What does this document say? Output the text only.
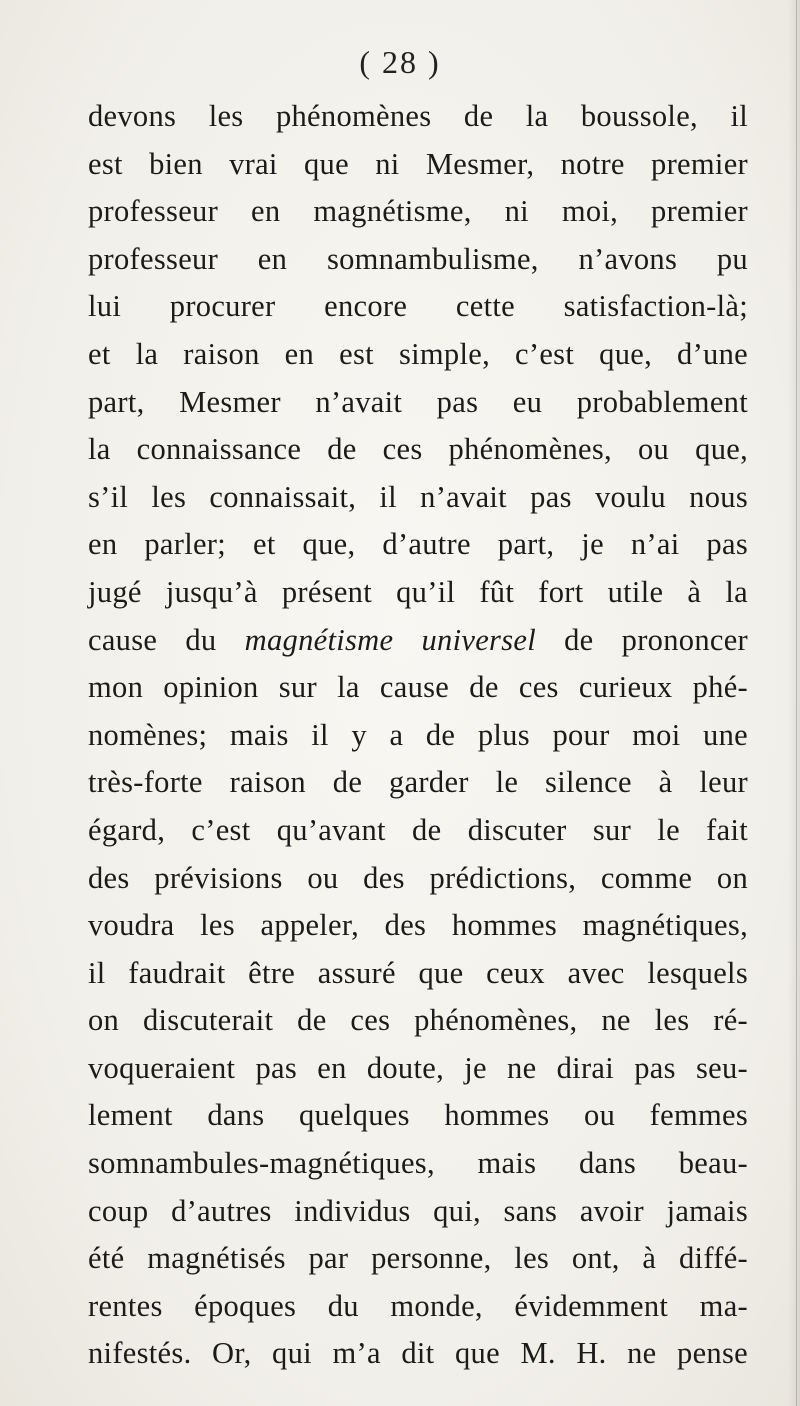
( 28 )
devons les phénomènes de la boussole, il
est bien vrai que ni Mesmer, notre premier
professeur en magnétisme, ni moi, premier
professeur en somnambulisme, n’avons pu
lui procurer encore cette satisfaction-là;
et la raison en est simple, c’est que, d’une
part, Mesmer n’avait pas eu probablement
la connaissance de ces phénomènes, ou que,
s’il les connaissait, il n’avait pas voulu nous
en parler; et que, d’autre part, je n’ai pas
jugé jusqu’à présent qu’il fût fort utile à la
cause du magnétisme universel de prononcer
mon opinion sur la cause de ces curieux phé-
nomènes; mais il y a de plus pour moi une
très-forte raison de garder le silence à leur
égard, c’est qu’avant de discuter sur le fait
des prévisions ou des prédictions, comme on
voudra les appeler, des hommes magnétiques,
il faudrait être assuré que ceux avec lesquels
on discuterait de ces phénomènes, ne les ré-
voqueraient pas en doute, je ne dirai pas seu-
lement dans quelques hommes ou femmes
somnambules-magnétiques, mais dans beau-
coup d’autres individus qui, sans avoir jamais
été magnétisés par personne, les ont, à diffé-
rentes époques du monde, évidemment ma-
nifestés. Or, qui m’a dit que M. H. ne pense
